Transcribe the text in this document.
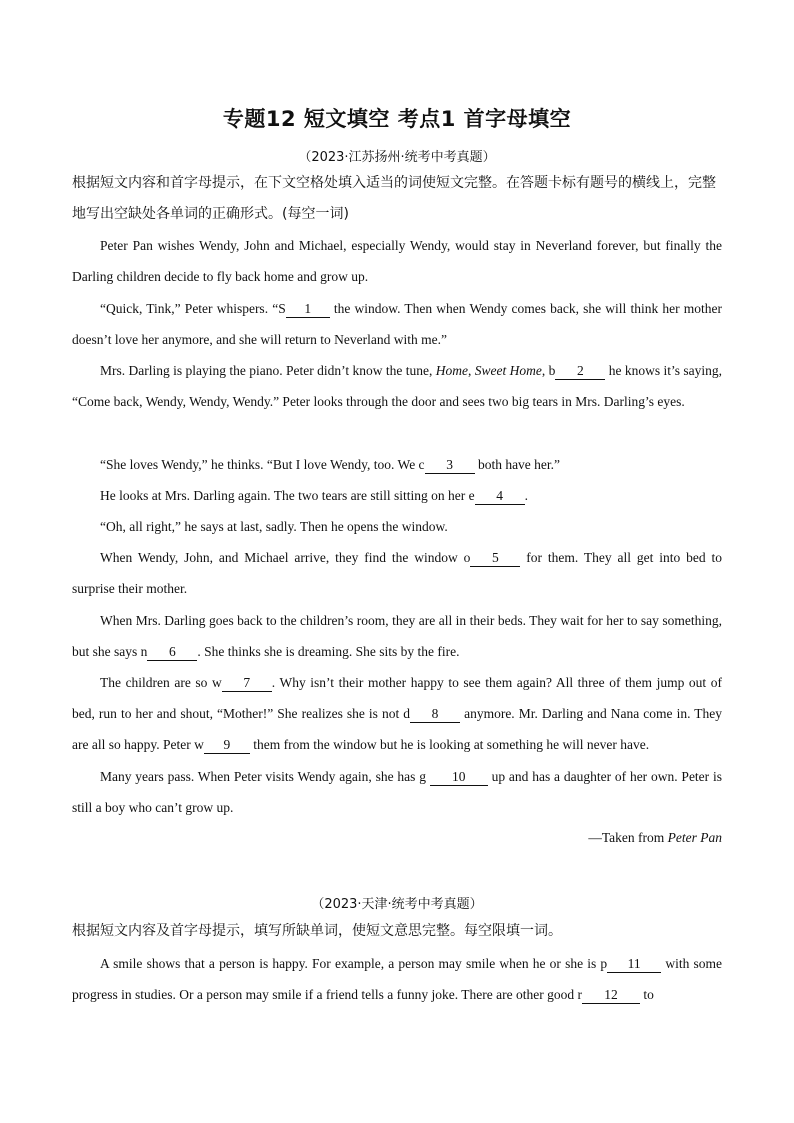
专题12 短文填空 考点1 首字母填空
（2023·江苏扬州·统考中考真题）
根据短文内容和首字母提示，在下文空格处填入适当的词使短文完整。在答题卡标有题号的横线上，完整
地写出空缺处各单词的正确形式。(每空一词)
Peter Pan wishes Wendy, John and Michael, especially Wendy, would stay in Neverland forever, but finally the Darling children decide to fly back home and grow up.
“Quick, Tink,” Peter whispers. “S 1 the window. Then when Wendy comes back, she will think her mother doesn’t love her anymore, and she will return to Neverland with me.”
Mrs. Darling is playing the piano. Peter didn’t know the tune, Home, Sweet Home, b 2 he knows it’s saying, “Come back, Wendy, Wendy, Wendy.” Peter looks through the door and sees two big tears in Mrs. Darling’s eyes.
“She loves Wendy,” he thinks. “But I love Wendy, too. We c 3 both have her.”
He looks at Mrs. Darling again. The two tears are still sitting on her e 4 .
“Oh, all right,” he says at last, sadly. Then he opens the window.
When Wendy, John, and Michael arrive, they find the window o 5 for them. They all get into bed to surprise their mother.
When Mrs. Darling goes back to the children’s room, they are all in their beds. They wait for her to say something, but she says n 6 . She thinks she is dreaming. She sits by the fire.
The children are so w 7 . Why isn’t their mother happy to see them again? All three of them jump out of bed, run to her and shout, “Mother!” She realizes she is not d 8 anymore. Mr. Darling and Nana come in. They are all so happy. Peter w 9 them from the window but he is looking at something he will never have.
Many years pass. When Peter visits Wendy again, she has g 10 up and has a daughter of her own. Peter is still a boy who can’t grow up.
—Taken from Peter Pan
（2023·天津·统考中考真题）
根据短文内容及首字母提示，填写所缺单词，使短文意思完整。每空限填一词。
A smile shows that a person is happy. For example, a person may smile when he or she is p 11 with some progress in studies. Or a person may smile if a friend tells a funny joke. There are other good r 12 to
